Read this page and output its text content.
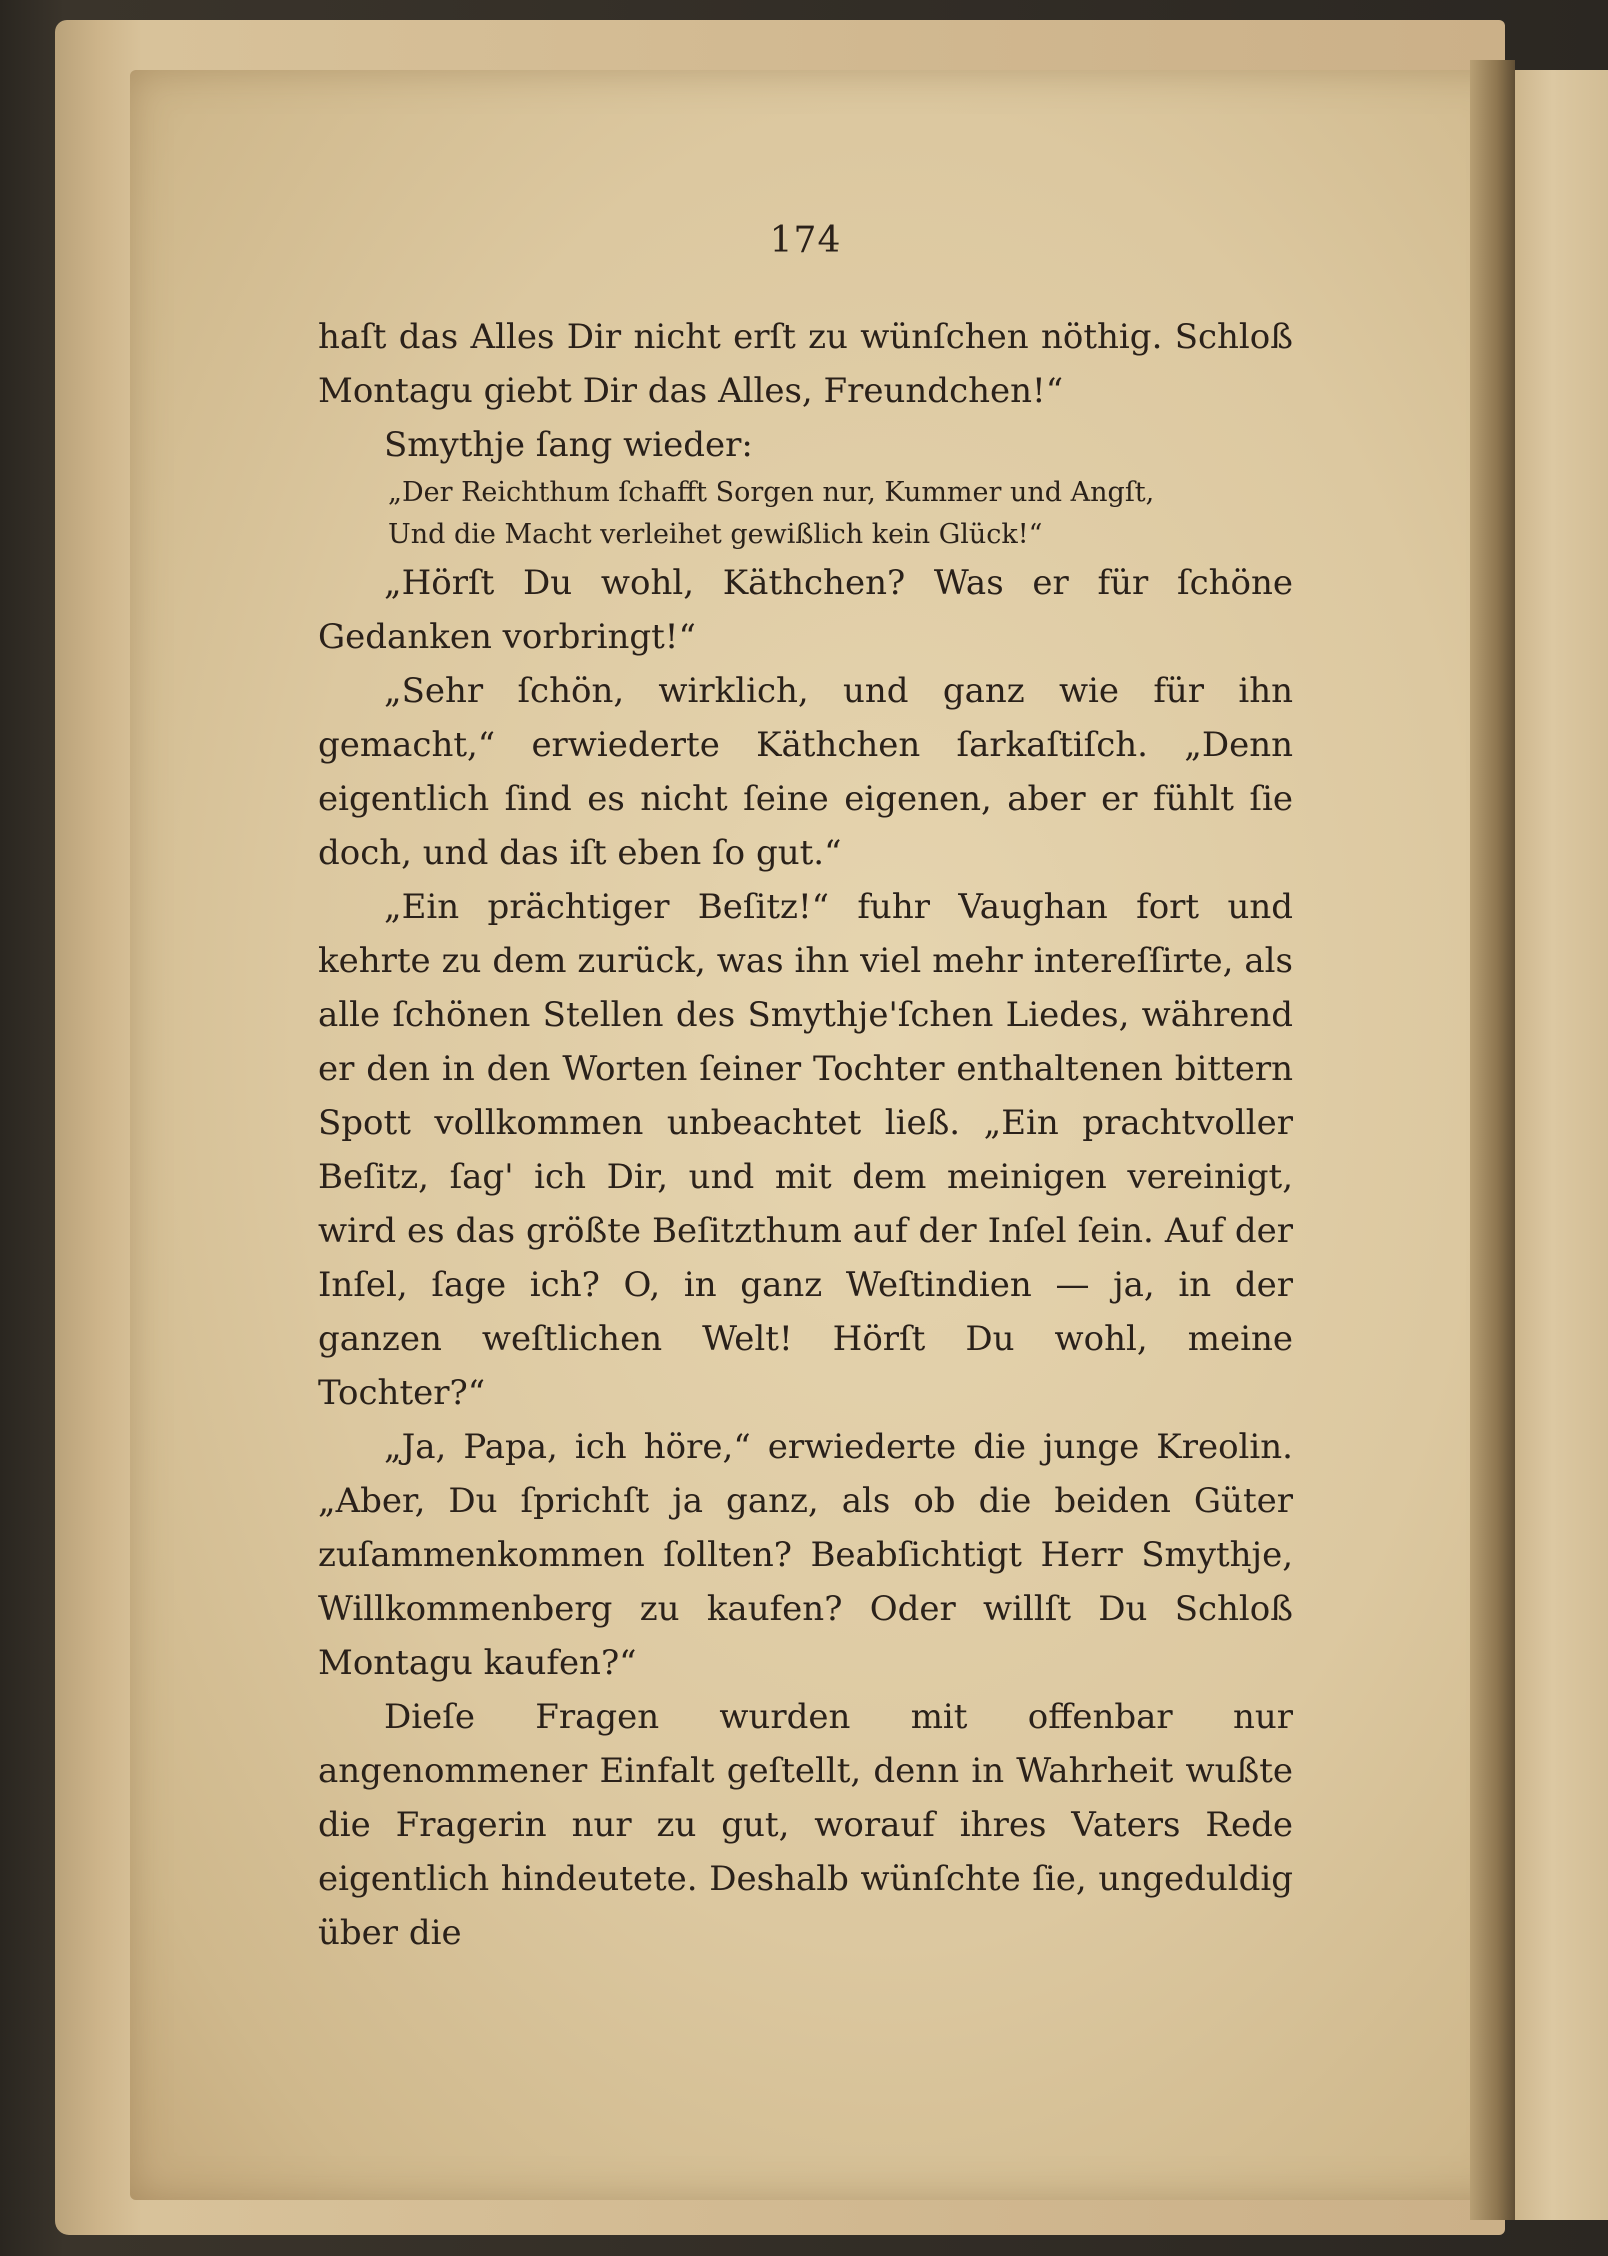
174

haſt das Alles Dir nicht erſt zu wünſchen nöthig. Schloß Montagu giebt Dir das Alles, Freundchen!“

Smythje ſang wieder:

„Der Reichthum ſchafft Sorgen nur, Kummer und Angſt,
Und die Macht verleihet gewißlich kein Glück!“

„Hörſt Du wohl, Käthchen? Was er für ſchöne Gedanken vorbringt!“

„Sehr ſchön, wirklich, und ganz wie für ihn gemacht,“ erwiederte Käthchen ſarkaſtiſch. „Denn eigentlich ſind es nicht ſeine eigenen, aber er fühlt ſie doch, und das iſt eben ſo gut.“

„Ein prächtiger Beſitz!“ fuhr Vaughan fort und kehrte zu dem zurück, was ihn viel mehr intereſſirte, als alle ſchönen Stellen des Smythje'ſchen Liedes, während er den in den Worten ſeiner Tochter enthaltenen bittern Spott vollkommen unbeachtet ließ. „Ein prachtvoller Beſitz, ſag' ich Dir, und mit dem meinigen vereinigt, wird es das größte Beſitzthum auf der Inſel ſein. Auf der Inſel, ſage ich? O, in ganz Weſtindien — ja, in der ganzen weſtlichen Welt! Hörſt Du wohl, meine Tochter?“

„Ja, Papa, ich höre,“ erwiederte die junge Kreolin. „Aber, Du ſprichſt ja ganz, als ob die beiden Güter zuſammenkommen ſollten? Beabſichtigt Herr Smythje, Willkommenberg zu kaufen? Oder willſt Du Schloß Montagu kaufen?“

Dieſe Fragen wurden mit offenbar nur angenommener Einfalt geſtellt, denn in Wahrheit wußte die Fragerin nur zu gut, worauf ihres Vaters Rede eigentlich hindeutete. Deshalb wünſchte ſie, ungeduldig über die
